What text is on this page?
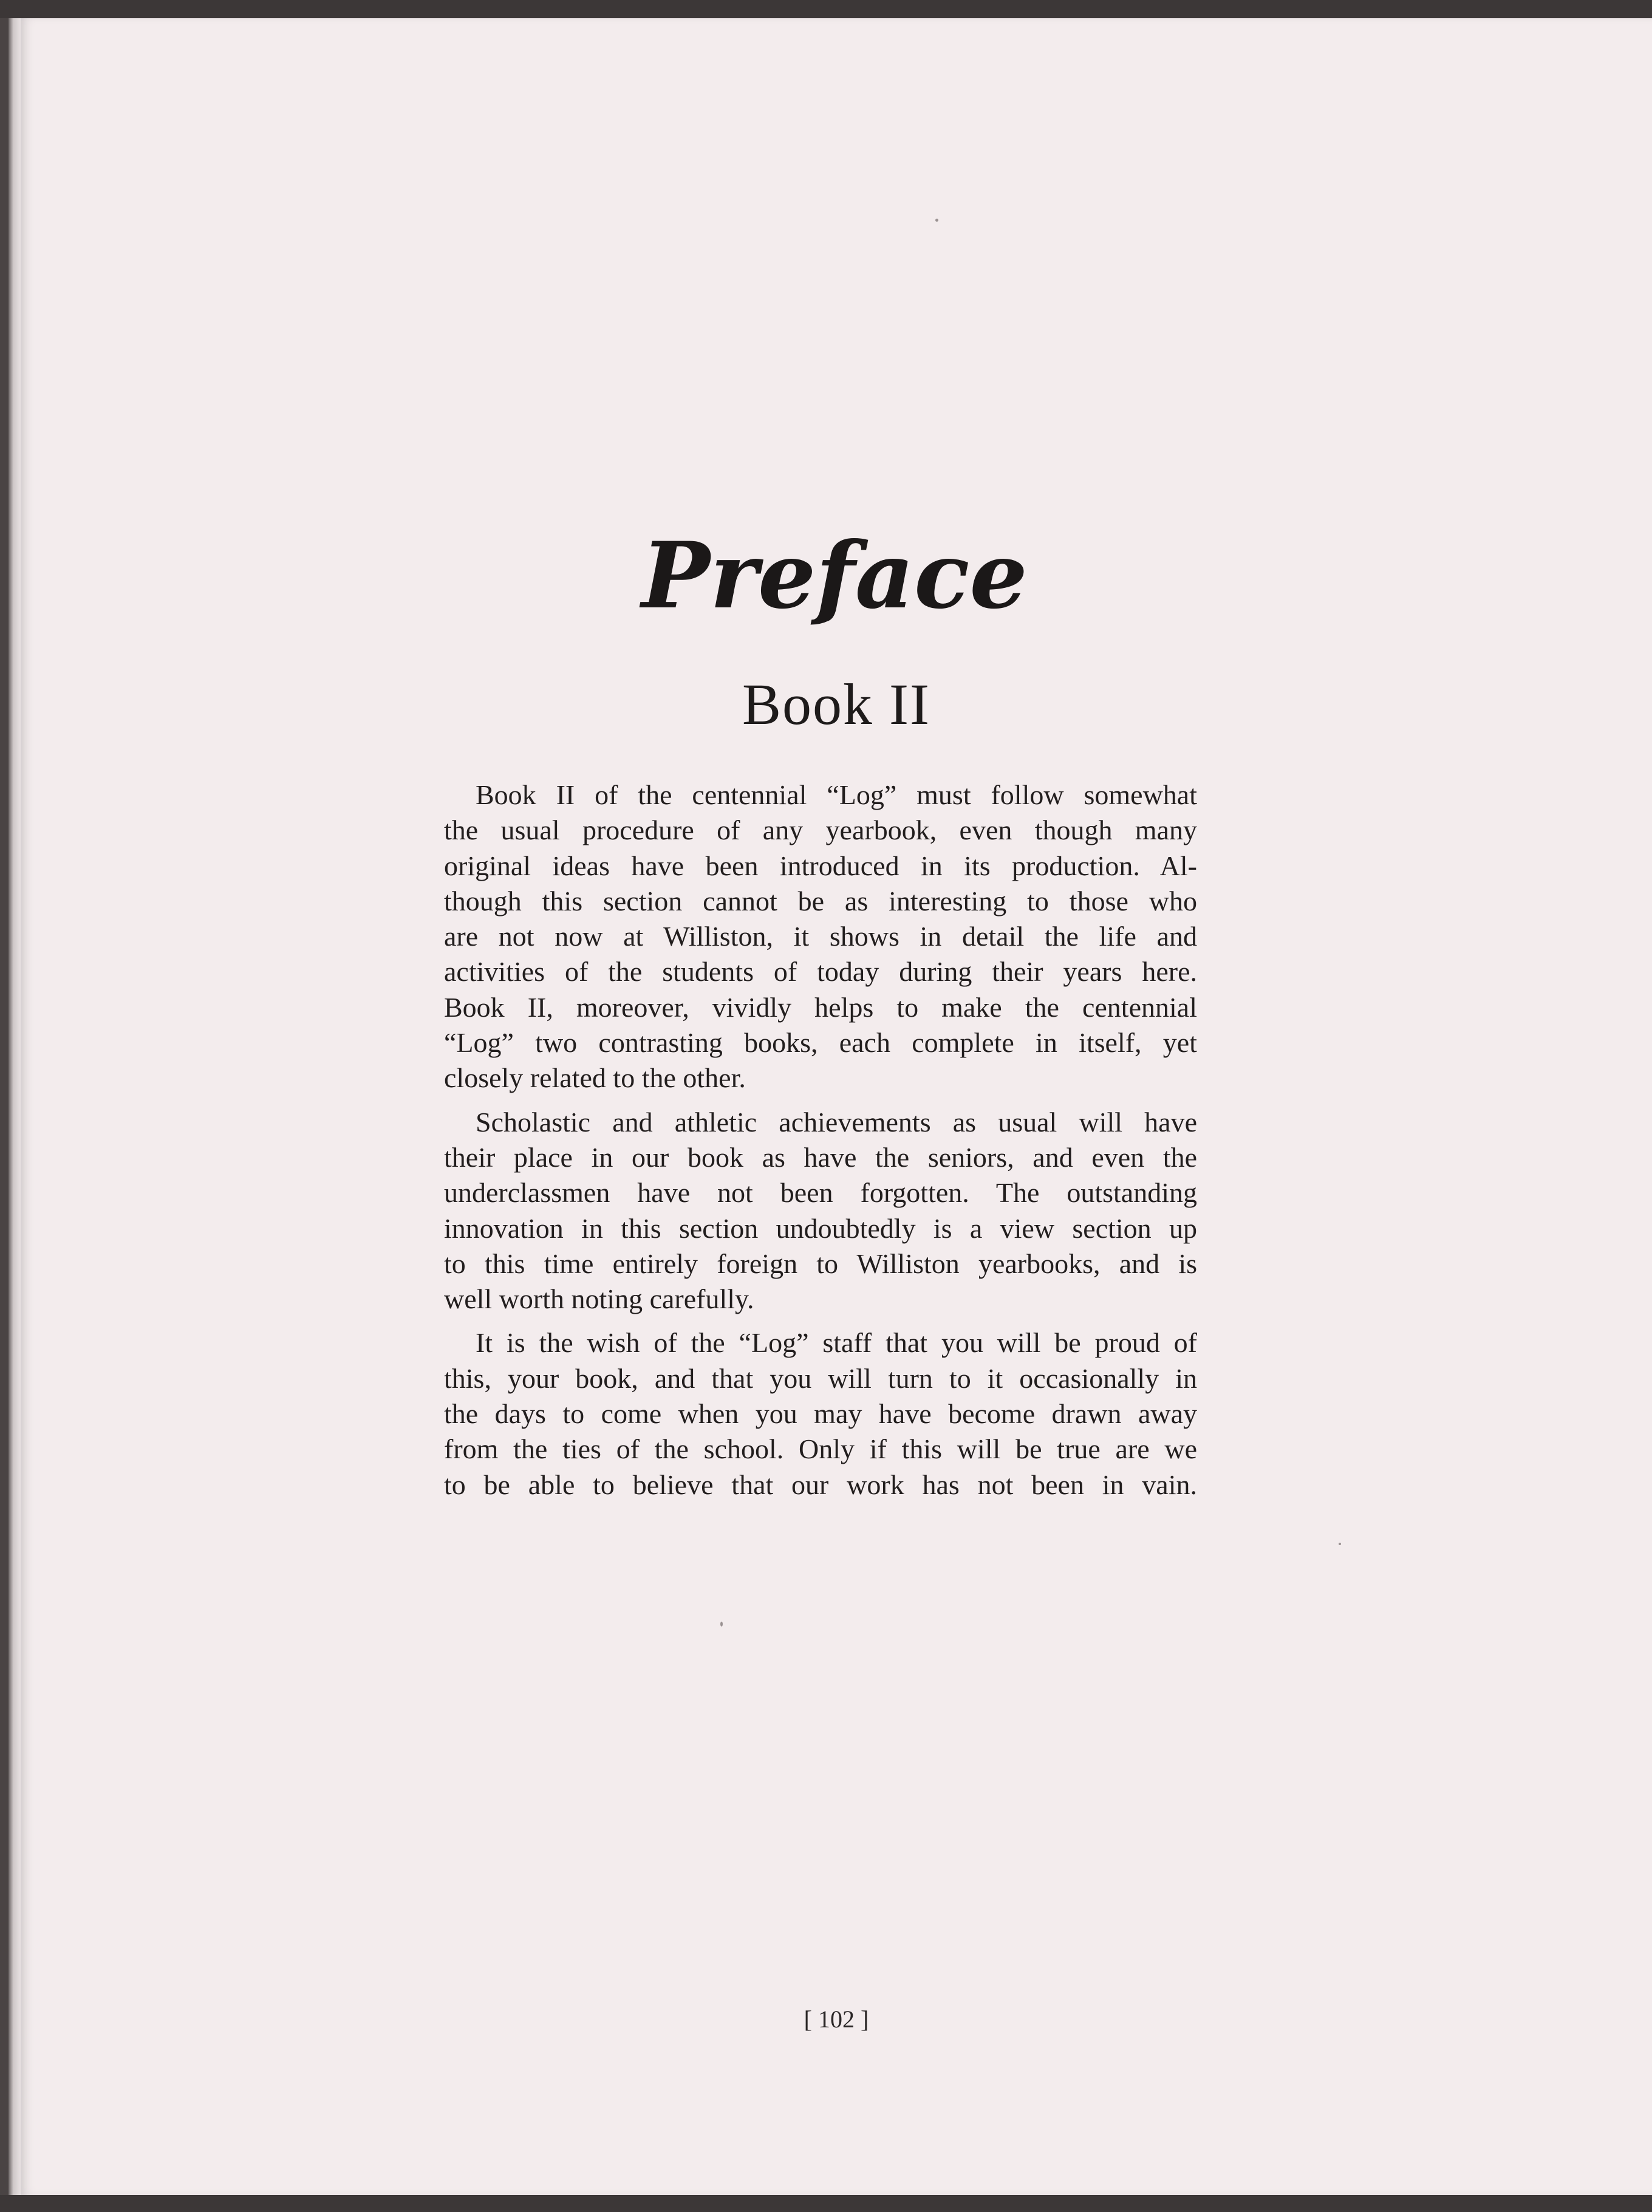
Preface
Book II
Book II of the centennial “Log” must follow somewhat
the usual procedure of any yearbook, even though many
original ideas have been introduced in its production. Al‑
though this section cannot be as interesting to those who
are not now at Williston, it shows in detail the life and
activities of the students of today during their years here.
Book II, moreover, vividly helps to make the centennial
“Log” two contrasting books, each complete in itself, yet
closely related to the other.
Scholastic and athletic achievements as usual will have
their place in our book as have the seniors, and even the
underclassmen have not been forgotten. The outstanding
innovation in this section undoubtedly is a view section up
to this time entirely foreign to Williston yearbooks, and is
well worth noting carefully.
It is the wish of the “Log” staff that you will be proud of
this, your book, and that you will turn to it occasionally in
the days to come when you may have become drawn away
from the ties of the school. Only if this will be true are we
to be able to believe that our work has not been in vain.
[ 102 ]
